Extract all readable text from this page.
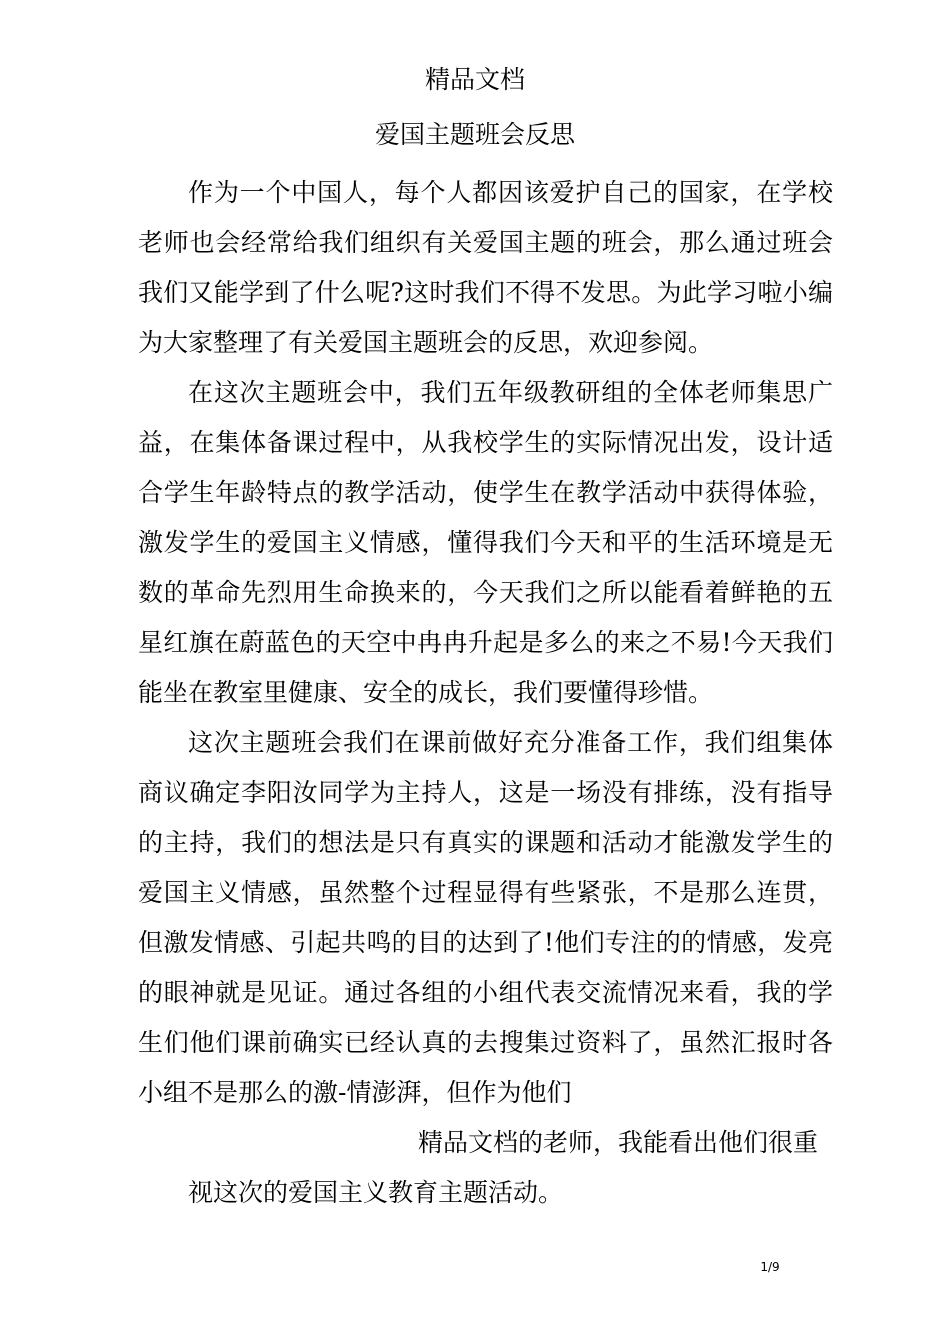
精品文档
爱国主题班会反思

作为一个中国人，每个人都因该爱护自己的国家，在学校老师也会经常给我们组织有关爱国主题的班会，那么通过班会我们又能学到了什么呢?这时我们不得不发思。为此学习啦小编为大家整理了有关爱国主题班会的反思，欢迎参阅。

在这次主题班会中，我们五年级教研组的全体老师集思广益，在集体备课过程中，从我校学生的实际情况出发，设计适合学生年龄特点的教学活动，使学生在教学活动中获得体验，激发学生的爱国主义情感，懂得我们今天和平的生活环境是无数的革命先烈用生命换来的，今天我们之所以能看着鲜艳的五星红旗在蔚蓝色的天空中冉冉升起是多么的来之不易!今天我们能坐在教室里健康、安全的成长，我们要懂得珍惜。

这次主题班会我们在课前做好充分准备工作，我们组集体商议确定李阳汝同学为主持人，这是一场没有排练，没有指导的主持，我们的想法是只有真实的课题和活动才能激发学生的爱国主义情感，虽然整个过程显得有些紧张，不是那么连贯，但激发情感、引起共鸣的目的达到了!他们专注的的情感，发亮的眼神就是见证。通过各组的小组代表交流情况来看，我的学生们他们课前确实已经认真的去搜集过资料了，虽然汇报时各小组不是那么的激-情澎湃，但作为他们

精品文档的老师，我能看出他们很重

视这次的爱国主义教育主题活动。

1/9
